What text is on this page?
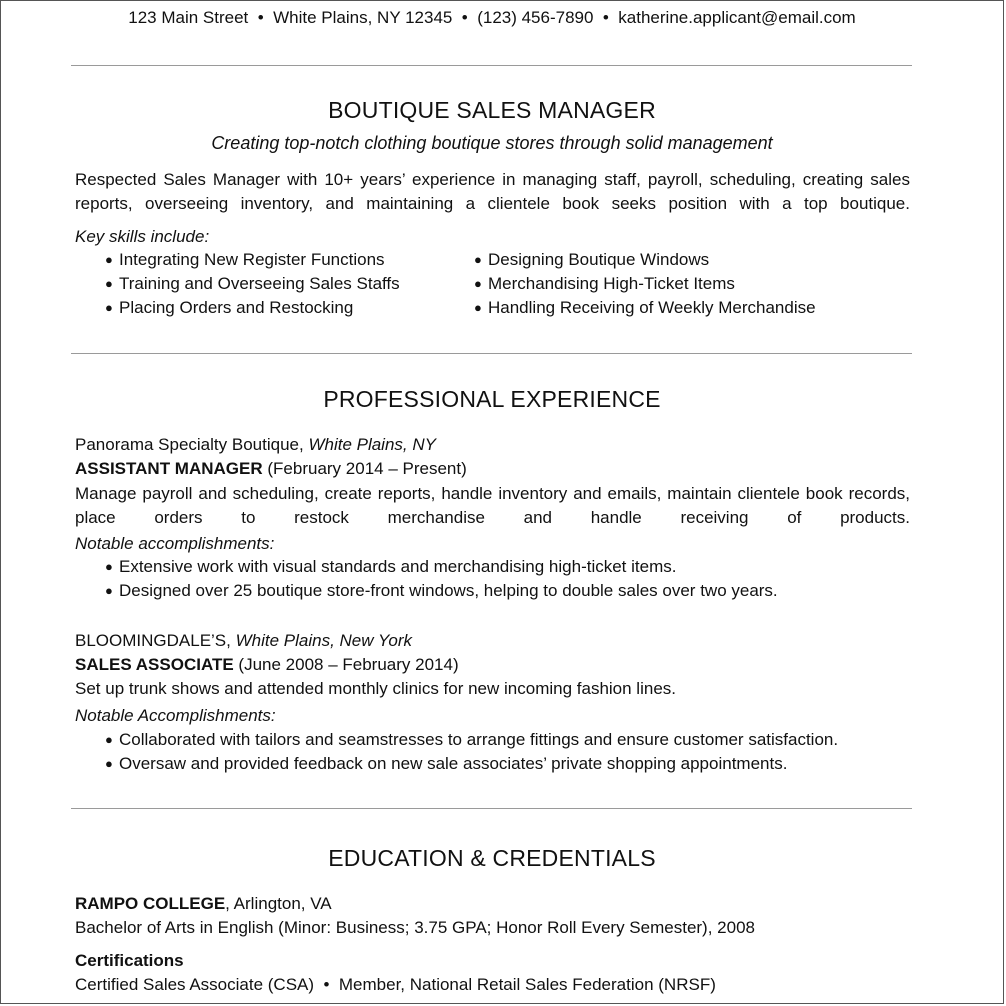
123 Main Street  •  White Plains, NY 12345  •  (123) 456-7890  •  katherine.applicant@email.com
BOUTIQUE SALES MANAGER
Creating top-notch clothing boutique stores through solid management
Respected Sales Manager with 10+ years’ experience in managing staff, payroll, scheduling, creating sales reports, overseeing inventory, and maintaining a clientele book seeks position with a top boutique.
Key skills include:
● Integrating New Register Functions
● Training and Overseeing Sales Staffs
● Placing Orders and Restocking
● Designing Boutique Windows
● Merchandising High-Ticket Items
● Handling Receiving of Weekly Merchandise
PROFESSIONAL EXPERIENCE
Panorama Specialty Boutique, White Plains, NY
ASSISTANT MANAGER (February 2014 – Present)
Manage payroll and scheduling, create reports, handle inventory and emails, maintain clientele book records, place orders to restock merchandise and handle receiving of products.
Notable accomplishments:
● Extensive work with visual standards and merchandising high-ticket items.
● Designed over 25 boutique store-front windows, helping to double sales over two years.
BLOOMINGDALE’S, White Plains, New York
SALES ASSOCIATE (June 2008 – February 2014)
Set up trunk shows and attended monthly clinics for new incoming fashion lines.
Notable Accomplishments:
● Collaborated with tailors and seamstresses to arrange fittings and ensure customer satisfaction.
● Oversaw and provided feedback on new sale associates’ private shopping appointments.
EDUCATION & CREDENTIALS
RAMPO COLLEGE, Arlington, VA
Bachelor of Arts in English (Minor: Business; 3.75 GPA; Honor Roll Every Semester), 2008
Certifications
Certified Sales Associate (CSA)  •  Member, National Retail Sales Federation (NRSF)
